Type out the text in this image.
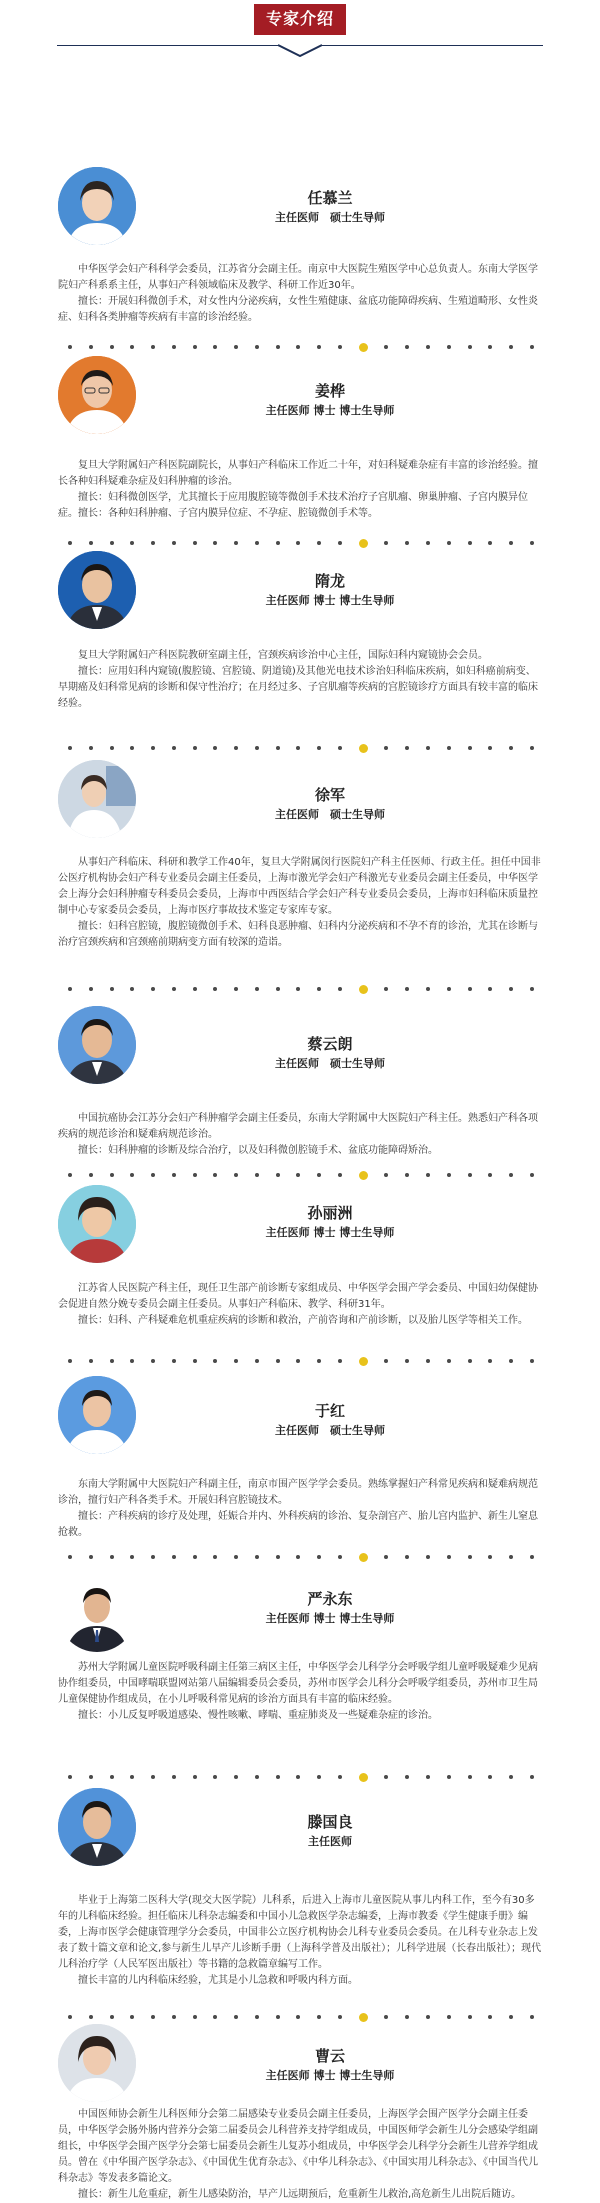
专家介绍
任慕兰
主任医师　硕士生导师

中华医学会妇产科科学会委员，江苏省分会副主任。南京中大医院生殖医学中心总负责人。东南大学医学院妇产科系系主任，从事妇产科领域临床及教学、科研工作近30年。

擅长：开展妇科微创手术，对女性内分泌疾病，女性生殖健康、盆底功能障碍疾病、生殖道畸形、女性炎症、妇科各类肿瘤等疾病有丰富的诊治经验。

姜桦
主任医师 博士 博士生导师

复旦大学附属妇产科医院副院长，从事妇产科临床工作近二十年，对妇科疑难杂症有丰富的诊治经验。擅长各种妇科疑难杂症及妇科肿瘤的诊治。

擅长：妇科微创医学，尤其擅长于应用腹腔镜等微创手术技术治疗子宫肌瘤、卵巢肿瘤、子宫内膜异位症。擅长：各种妇科肿瘤、子宫内膜异位症、不孕症、腔镜微创手术等。

隋龙
主任医师 博士 博士生导师

复旦大学附属妇产科医院教研室副主任，宫颈疾病诊治中心主任，国际妇科内窥镜协会会员。

擅长：应用妇科内窥镜(腹腔镜、宫腔镜、阴道镜)及其他光电技术诊治妇科临床疾病，如妇科癌前病变、早期癌及妇科常见病的诊断和保守性治疗；在月经过多、子宫肌瘤等疾病的宫腔镜诊疗方面具有较丰富的临床经验。

徐军
主任医师　硕士生导师

从事妇产科临床、科研和教学工作40年，复旦大学附属闵行医院妇产科主任医师、行政主任。担任中国非公医疗机构协会妇产科专业委员会副主任委员，上海市激光学会妇产科激光专业委员会副主任委员，中华医学会上海分会妇科肿瘤专科委员会委员，上海市中西医结合学会妇产科专业委员会委员，上海市妇科临床质量控制中心专家委员会委员，上海市医疗事故技术鉴定专家库专家。

擅长：妇科宫腔镜，腹腔镜微创手术、妇科良恶肿瘤、妇科内分泌疾病和不孕不育的诊治，尤其在诊断与治疗宫颈疾病和宫颈癌前期病变方面有较深的造诣。

蔡云朗
主任医师　硕士生导师

中国抗癌协会江苏分会妇产科肿瘤学会副主任委员，东南大学附属中大医院妇产科主任。熟悉妇产科各项疾病的规范诊治和疑难病规范诊治。

擅长：妇科肿瘤的诊断及综合治疗，以及妇科微创腔镜手术、盆底功能障碍矫治。

孙丽洲
主任医师 博士 博士生导师

江苏省人民医院产科主任，现任卫生部产前诊断专家组成员、中华医学会围产学会委员、中国妇幼保健协会促进自然分娩专委员会副主任委员。从事妇产科临床、教学、科研31年。

擅长：妇科、产科疑难危机重症疾病的诊断和救治，产前咨询和产前诊断，以及胎儿医学等相关工作。

于红
主任医师　硕士生导师

东南大学附属中大医院妇产科副主任，南京市围产医学学会委员。熟练掌握妇产科常见疾病和疑难病规范诊治，擅行妇产科各类手术。开展妇科宫腔镜技术。

擅长：产科疾病的诊疗及处理，妊娠合并内、外科疾病的诊治、复杂剖宫产、胎儿宫内监护、新生儿窒息抢救。

严永东
主任医师 博士 博士生导师

苏州大学附属儿童医院呼吸科副主任第三病区主任，中华医学会儿科学分会呼吸学组儿童呼吸疑难少见病协作组委员，中国哮喘联盟网站第八届编辑委员会委员，苏州市医学会儿科分会呼吸学组委员，苏州市卫生局儿童保健协作组成员，在小儿呼吸科常见病的诊治方面具有丰富的临床经验。

擅长：小儿反复呼吸道感染、慢性咳嗽、哮喘、重症肺炎及一些疑难杂症的诊治。

滕国良
主任医师

毕业于上海第二医科大学(现交大医学院）儿科系，后进入上海市儿童医院从事儿内科工作，至今有30多年的儿科临床经验。担任临床儿科杂志编委和中国小儿急救医学杂志编委，上海市教委《学生健康手册》编委，上海市医学会健康管理学分会委员，中国非公立医疗机构协会儿科专业委员会委员。在儿科专业杂志上发表了数十篇文章和论文,参与新生儿早产儿诊断手册（上海科学普及出版社）；儿科学进展（长春出版社）；现代儿科治疗学（人民军医出版社）等书籍的急救篇章编写工作。

擅长丰富的儿内科临床经验，尤其是小儿急救和呼吸内科方面。

曹云
主任医师 博士 博士生导师

中国医师协会新生儿科医师分会第二届感染专业委员会副主任委员，上海医学会围产医学分会副主任委员，中华医学会肠外肠内营养分会第二届委员会儿科营养支持学组成员，中国医师学会新生儿分会感染学组副组长，中华医学会围产医学分会第七届委员会新生儿复苏小组成员，中华医学会儿科学分会新生儿营养学组成员。曾在《中华围产医学杂志》、《中国优生优育杂志》、《中华儿科杂志》、《中国实用儿科杂志》、《中国当代儿科杂志》等发表多篇论文。

擅长：新生儿危重症，新生儿感染防治，早产儿远期预后，危重新生儿救治,高危新生儿出院后随访。
